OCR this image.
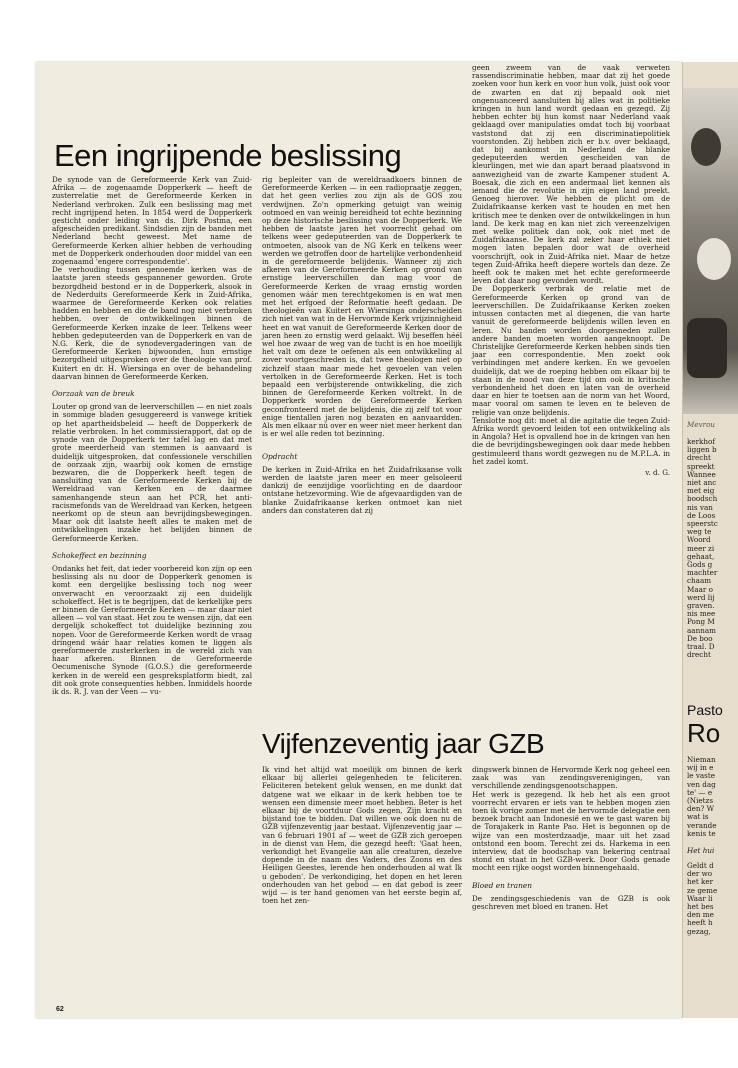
Een ingrijpende beslissing

De synode van de Gereformeerde Kerk van Zuid-Afrika — de zogenaamde Dopperkerk — heeft de zusterrelatie met de Gereformeerde Kerken in Nederland verbroken. Zulk een beslissing mag met recht ingrijpend heten. In 1854 werd de Dopperkerk gesticht onder leiding van ds. Dirk Postma, een afgescheiden predikant. Sindsdien zijn de banden met Nederland hecht geweest. Met name de Gereformeerde Kerken alhier hebben de verhouding met de Dopperkerk onderhouden door middel van een zogenaamd 'engere correspondentie'.

De verhouding tussen genoemde kerken was de laatste jaren steeds gespannener geworden. Grote bezorgdheid bestond er in de Dopperkerk, alsook in de Nederduits Gereformeerde Kerk in Zuid-Afrika, waarmee de Gereformeerde Kerken ook relaties hadden en hebben en die de band nog niet verbroken hebben, over de ontwikkelingen binnen de Gereformeerde Kerken inzake de leer. Telkens weer hebben gedeputeerden van de Dopperkerk en van de N.G. Kerk, die de synodevergaderingen van de Gereformeerde Kerken bijwoonden, hun ernstige bezorgdheid uitgesproken over de theologie van prof. Kuitert en dr. H. Wiersinga en over de behandeling daarvan binnen de Gereformeerde Kerken.

Oorzaak van de breuk

Louter op grond van de leerverschillen — en niet zoals in sommige bladen gesuggereerd is vanwege kritiek op het apartheidsbeleid — heeft de Dopperkerk de relatie verbroken. In het commissierapport, dat op de synode van de Dopperkerk ter tafel lag en dat met grote meerderheid van stemmen is aanvaard is duidelijk uitgesproken, dat confessionele verschillen de oorzaak zijn, waarbij ook komen de ernstige bezwaren, die de Dopperkerk heeft tegen de aansluiting van de Gereformeerde Kerken bij de Wereldraad van Kerken en de daarmee samenhangende steun aan het PCR, het anti-racismefonds van de Wereldraad van Kerken, hetgeen neerkomt op de steun aan bevrijdingsbewegingen. Maar ook dit laatste heeft alles te maken met de ontwikkelingen inzake het belijden binnen de Gereformeerde Kerken.

Schokeffect en bezinning

Ondanks het feit, dat ieder voorbereid kon zijn op een beslissing als nu door de Dopperkerk genomen is komt een dergelijke beslissing toch nog weer onverwacht en veroorzaakt zij een duidelijk schokeffect. Het is te begrijpen, dat de kerkelijke pers er binnen de Gereformeerde Kerken — maar daar niet alleen — vol van staat. Het zou te wensen zijn, dat een dergelijk schokeffect tot duidelijke bezinning zou nopen. Voor de Gereformeerde Kerken wordt de vraag dringend wáár haar relaties komen te liggen als gereformeerde zusterkerken in de wereld zich van haar afkeren. Binnen de Gereformeerde Oecumenische Synode (G.O.S.) die gereformeerde kerken in de wereld een gespreksplatform biedt, zal dit ook grote consequenties hebben. Inmiddels hoorde ik ds. R. J. van der Veen — vu-

rig bepleiter van de wereldraadkoers binnen de Gereformeerde Kerken — in een radiopraatje zeggen, dat het geen verlies zou zijn als de GOS zou verdwijnen. Zo'n opmerking getuigt van weinig ootmoed en van weinig bereidheid tot echte bezinning op deze historische beslissing van de Dopperkerk. We hebben de laatste jaren het voorrecht gehad om telkens weer gedeputeerden van de Dopperkerk te ontmoeten, alsook van de NG Kerk en telkens weer werden we getroffen door de hartelijke verbondenheid in de gereformeerde belijdenis. Wanneer zij zich afkeren van de Gereformeerde Kerken op grond van ernstige leerverschillen dan mag voor de Gereformeerde Kerken de vraag ernstig worden genomen wáár men terechtgekomen is en wat men met het erfgoed der Reformatie heeft gedaan. De theologieën van Kuitert en Wiersinga onderscheiden zich niet van wat in de Hervormde Kerk vrijzinnigheid heet en wat vanuit de Gereformeerde Kerken door de jaren heen zo ernstig werd gelaakt. Wij beseffen héél wel hoe zwaar de weg van de tucht is en hoe moeilijk het valt om deze te oefenen als een ontwikkeling al zover voortgeschreden is, dat twee theologen niet op zichzelf staan maar mede het gevoelen van velen vertolken in de Gereformeerde Kerken. Het is toch bepaald een verbijsterende ontwikkeling, die zich binnen de Gereformeerde Kerken voltrekt. In de Dopperkerk worden de Gereformeerde Kerken geconfronteerd met de belijdenis, die zij zelf tot voor enige tientallen jaren nog bezaten en aanvaardden. Als men elkaar nú over en weer niet meer herkent dan is er wel alle reden tot bezinning.

Opdracht

De kerken in Zuid-Afrika en het Zuidafrikaanse volk werden de laatste jaren meer en meer geïsoleerd dankzij de eenzijdige voorlichting en de daardoor ontstane hetzevorming. Wie de afgevaardigden van de blanke Zuidafrikaanse kerken ontmoet kan niet anders dan constateren dat zij

geen zweem van de vaak verweten rassendiscriminatie hebben, maar dat zij het goede zoeken voor hun kerk en voor hun volk, juist ook voor de zwarten en dat zij bepaald ook niet ongenuanceerd aansluiten bij alles wat in politieke kringen in hun land wordt gedaan en gezegd. Zij hebben echter bij hun komst naar Nederland vaak geklaagd over manipulaties omdat toch bij voorbaat vaststond dat zij een discriminatiepolitiek voorstonden. Zij hebben zich er b.v. over beklaagd, dat bij aankomst in Nederland de blanke gedeputeerden werden gescheiden van de kleurlingen, met wie dan apart beraad plaatsvond in aanwezigheid van de zwarte Kampener student A. Boesak, die zich en een andermaal liet kennen als iemand die de revolutie in zijn eigen land preekt. Genoeg hierover. We hebben de plicht om de Zuidafrikaanse kerken vast te houden en met hen kritisch mee te denken over de ontwikkelingen in hun land. De kerk mag en kan niet zich vereenzelvigen met welke politiek dan ook, ook niet met de Zuidafrikaanse. De kerk zal zeker haar ethiek niet mogen laten bepalen door wat de overheid voorschrijft, ook in Zuid-Afrika niet. Maar de hetze tegen Zuid-Afrika heeft diepere wortels dan deze. Ze heeft ook te maken met het echte gereformeerde leven dat daar nog gevonden wordt.

De Dopperkerk verbrak de relatie met de Gereformeerde Kerken op grond van de leerverschillen. De Zuidafrikaanse Kerken zoeken intussen contacten met al diegenen, die van harte vanuit de gereformeerde belijdenis willen leven en leren. Nu banden worden doorgesneden zullen andere banden moeten worden aangeknoopt. De Christelijke Gereformeerde Kerken hebben sinds tien jaar een correspondentie. Men zoekt ook verbindingen met andere kerken. En we gevoelen duidelijk, dat we de roeping hebben om elkaar bij te staan in de nood van deze tijd om ook in kritische verbondenheid het doen en laten van de overheid daar en hier te toetsen aan de norm van het Woord, maar vooral om samen te leven en te beleven de religie van onze belijdenis.

Tenslotte nog dit: moet al die agitatie die tegen Zuid-Afrika wordt gevoerd leiden tot een ontwikkeling als in Angola? Het is opvallend hoe in de kringen van hen die de bevrijdingsbewegingen ook daar mede hebben gestimuleerd thans wordt gezwegen nu de M.P.L.A. in het zadel komt.

v. d. G.

Vijfenzeventig jaar GZB

Ik vind het altijd wat moeilijk om binnen de kerk elkaar bij allerlei gelegenheden te feliciteren. Feliciteren betekent geluk wensen, en me dunkt dat datgene wat we elkaar in de kerk hebben toe te wensen een dimensie meer moet hebben. Beter is het elkaar bij de voortduur Gods zegen, Zijn kracht en bijstand toe te bidden. Dat willen we ook doen nu de GZB vijfenzeventig jaar bestaat. Vijfenzeventig jaar — van 6 februari 1901 af — weet de GZB zich geroepen in de dienst van Hem, die gezegd heeft: 'Gaat heen, verkondigt het Evangelie aan alle creaturen, dezelve dopende in de naam des Vaders, des Zoons en des Heiligen Geestes, lerende hen onderhouden al wat Ik u geboden'. De verkondiging, het dopen en het leren onderhouden van het gebod — en dat gebod is zeer wijd — is ter hand genomen van het eerste begin af, toen het zen-

dingswerk binnen de Hervormde Kerk nog geheel een zaak was van zendingsverenigingen, van verschillende zendingsgenootschappen.

Het werk is gezegend. Ik heb het als een groot voorrecht ervaren er iets van te hebben mogen zien toen ik vorige zomer met de hervormde delegatie een bezoek bracht aan Indonesië en we te gast waren bij de Torajakerk in Rante Pao. Het is begonnen op de wijze van een mosterdzaadje, maar uit het zaad ontstond een boom. Terecht zei ds. Harkema in een interview, dat de boodschap van bekering centraal stond en staat in het GZB-werk. Door Gods genade mocht een rijke oogst worden binnengehaald.

Bloed en tranen

De zendingsgeschiedenis van de GZB is ook geschreven met bloed en tranen. Het

62
Mevrou
kerkhof
liggen b
drecht
spreekt
Wannee
niet anc
met eig
boodsch
nis van
de Loos
speerstc
weg te
Woord
meer zi
gehaat,
Gods g
machter
chaam
Maar o
werd lij
graven.
nis mee
Pong M
aannam
De boo
traal. D
drecht
Pasto
Ro
Nieman
wij in e
le vaste
ven dag
te' — e
(Nietzs
den? W
wat is
verande
kenis te
Het hui
Geldt d
der wo
het ker
ze geme
Waar li
het bes
den me
heeft h
gezag,
